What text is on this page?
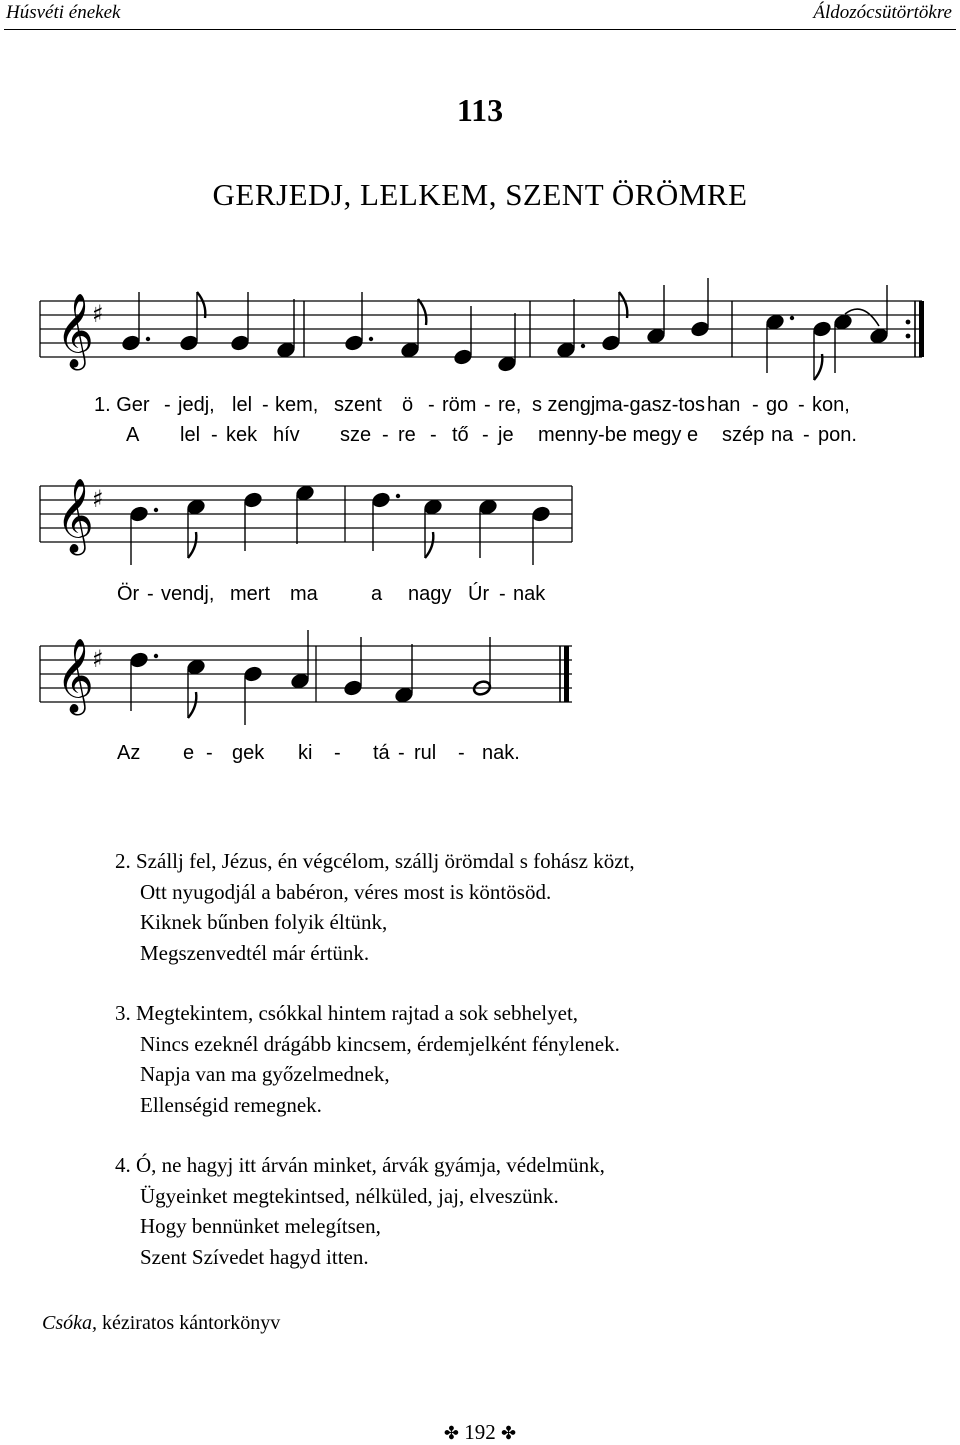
Húsvéti énekek	Áldozócsütörtökre
113
GERJEDJ, LELKEM, SZENT ÖRÖMRE
𝄞
♯
𝄞
♯
𝄞
♯
1. Ger - jedj, lel - kem, szent ö - röm - re, s zengj ma-gasz-tos han - go - kon,
A lel - kek hív sze - re - tő - je menny-be megy e szép na - pon.
Ör - vendj, mert ma	a nagy Úr - nak
Az e - gek ki - tá - rul - nak.
2. Szállj fel, Jézus, én végcélom, szállj örömdal s fohász közt,
Ott nyugodjál a babéron, véres most is köntösöd.
Kiknek bűnben folyik éltünk,
Megszenvedtél már értünk.
3. Megtekintem, csókkal hintem rajtad a sok sebhelyet,
Nincs ezeknél drágább kincsem, érdemjelként fénylenek.
Napja van ma győzelmednek,
Ellenségid remegnek.
4. Ó, ne hagyj itt árván minket, árvák gyámja, védelmünk,
Ügyeinket megtekintsed, nélküled, jaj, elveszünk.
Hogy bennünket melegítsen,
Szent Szívedet hagyd itten.
Csóka, kéziratos kántorkönyv
✤ 192 ✤
